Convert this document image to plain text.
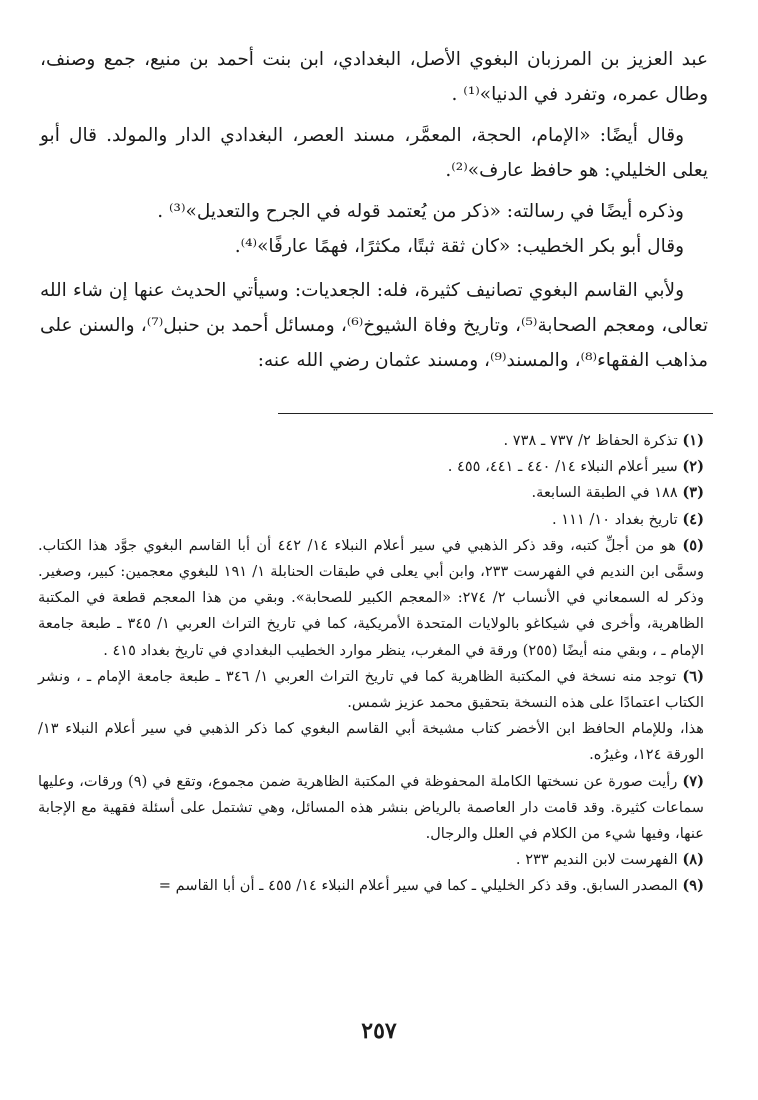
عبد العزيز بن المرزبان البغوي الأصل، البغدادي، ابن بنت أحمد بن منيع، جمع وصنف، وطال عمره، وتفرد في الدنيا»⁽¹⁾ .

وقال أيضًا: «الإمام، الحجة، المعمَّر، مسند العصر، البغدادي الدار والمولد. قال أبو يعلى الخليلي: هو حافظ عارف»⁽²⁾.

وذكره أيضًا في رسالته: «ذكر من يُعتمد قوله في الجرح والتعديل»⁽³⁾ .

وقال أبو بكر الخطيب: «كان ثقة ثبتًا، مكثرًا، فهمًا عارفًا»⁽⁴⁾.

ولأبي القاسم البغوي تصانيف كثيرة، فله: الجعديات: وسيأتي الحديث عنها إن شاء الله تعالى، ومعجم الصحابة⁽⁵⁾، وتاريخ وفاة الشيوخ⁽⁶⁾، ومسائل أحمد بن حنبل⁽⁷⁾، والسنن على مذاهب الفقهاء⁽⁸⁾، والمسند⁽⁹⁾، ومسند عثمان رضي الله عنه:

(١) تذكرة الحفاظ ٢/ ٧٣٧ ـ ٧٣٨ .

(٢) سير أعلام النبلاء ١٤/ ٤٤٠ ـ ٤٤١، ٤٥٥ .

(٣) ١٨٨ في الطبقة السابعة.

(٤) تاريخ بغداد ١٠/ ١١١ .

(٥) هو من أجلِّ كتبه، وقد ذكر الذهبي في سير أعلام النبلاء ١٤/ ٤٤٢ أن أبا القاسم البغوي جوَّد هذا الكتاب. وسمَّى ابن النديم في الفهرست ٢٣٣، وابن أبي يعلى في طبقات الحنابلة ١/ ١٩١ للبغوي معجمين: كبير، وصغير. وذكر له السمعاني في الأنساب ٢/ ٢٧٤: «المعجم الكبير للصحابة». وبقي من هذا المعجم قطعة في المكتبة الظاهرية، وأخرى في شيكاغو بالولايات المتحدة الأمريكية، كما في تاريخ التراث العربي ١/ ٣٤٥ ـ طبعة جامعة الإمام ـ ، وبقي منه أيضًا (٢٥٥) ورقة في المغرب، ينظر موارد الخطيب البغدادي في تاريخ بغداد ٤١٥ .

(٦) توجد منه نسخة في المكتبة الظاهرية كما في تاريخ التراث العربي ١/ ٣٤٦ ـ طبعة جامعة الإمام ـ ، ونشر الكتاب اعتمادًا على هذه النسخة بتحقيق محمد عزيز شمس.

هذا، وللإمام الحافظ ابن الأخضر كتاب مشيخة أبي القاسم البغوي كما ذكر الذهبي في سير أعلام النبلاء ١٣/ الورقة ١٢٤، وغيرُه.

(٧) رأيت صورة عن نسختها الكاملة المحفوظة في المكتبة الظاهرية ضمن مجموع، وتقع في (٩) ورقات، وعليها سماعات كثيرة. وقد قامت دار العاصمة بالرياض بنشر هذه المسائل، وهي تشتمل على أسئلة فقهية مع الإجابة عنها، وفيها شيء من الكلام في العلل والرجال.

(٨) الفهرست لابن النديم ٢٣٣ .

(٩) المصدر السابق. وقد ذكر الخليلي ـ كما في سير أعلام النبلاء ١٤/ ٤٥٥ ـ أن أبا القاسم =

٢٥٧
